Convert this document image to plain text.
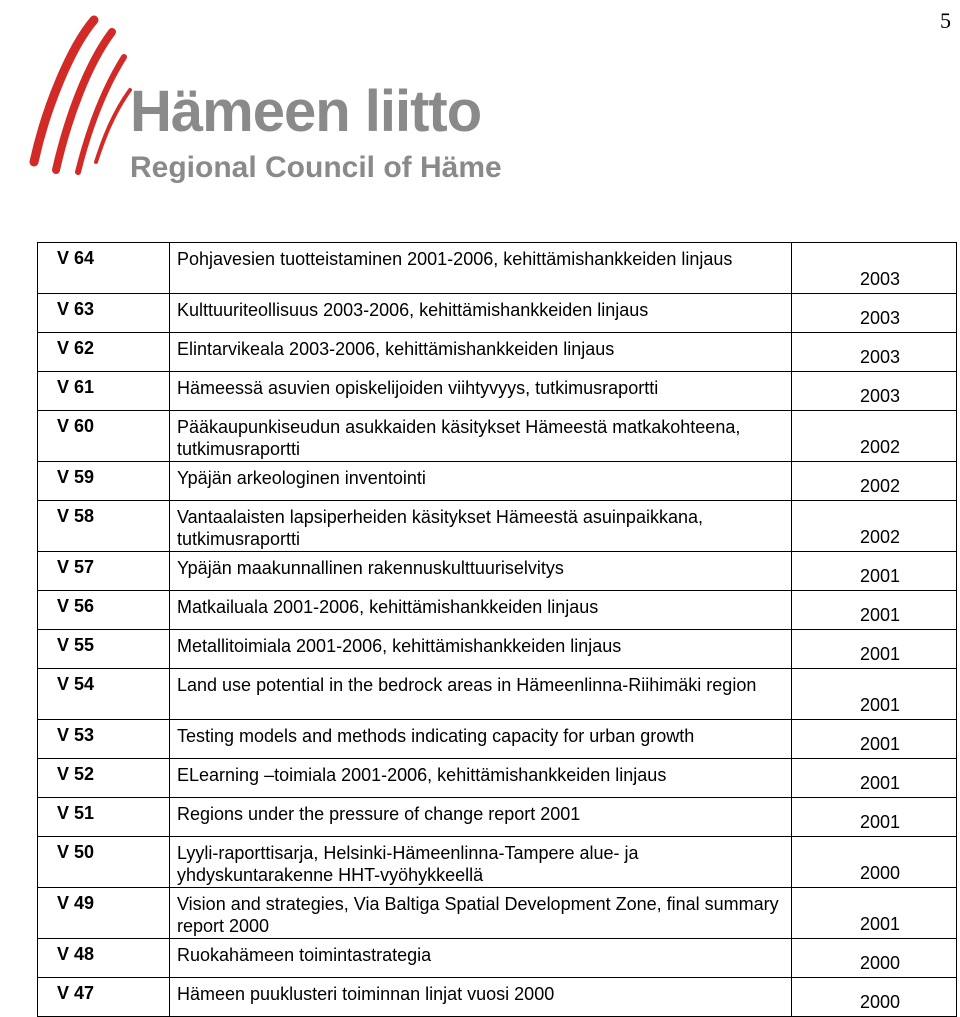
5
Hämeen liitto
Regional Council of Häme
V 64	Pohjavesien tuotteistaminen 2001-2006, kehittämishankkeiden linjaus	2003
V 63	Kulttuuriteollisuus 2003-2006, kehittämishankkeiden linjaus	2003
V 62	Elintarvikeala 2003-2006, kehittämishankkeiden linjaus	2003
V 61	Hämeessä asuvien opiskelijoiden viihtyvyys, tutkimusraportti	2003
V 60	Pääkaupunkiseudun asukkaiden käsitykset Hämeestä matkakohteena, tutkimusraportti	2002
V 59	Ypäjän arkeologinen inventointi	2002
V 58	Vantaalaisten lapsiperheiden käsitykset Hämeestä asuinpaikkana, tutkimusraportti	2002
V 57	Ypäjän maakunnallinen rakennuskulttuuriselvitys	2001
V 56	Matkailuala 2001-2006, kehittämishankkeiden linjaus	2001
V 55	Metallitoimiala 2001-2006, kehittämishankkeiden linjaus	2001
V 54	Land use potential in the bedrock areas in Hämeenlinna-Riihimäki region	2001
V 53	Testing models and methods indicating capacity for urban growth	2001
V 52	ELearning –toimiala 2001-2006, kehittämishankkeiden linjaus	2001
V 51	Regions under the pressure of change report 2001	2001
V 50	Lyyli-raporttisarja, Helsinki-Hämeenlinna-Tampere alue- ja yhdyskuntarakenne HHT-vyöhykkeellä	2000
V 49	Vision and strategies, Via Baltiga Spatial Development Zone, final summary report 2000	2001
V 48	Ruokahämeen toimintastrategia	2000
V 47	Hämeen puuklusteri toiminnan linjat vuosi 2000	2000
